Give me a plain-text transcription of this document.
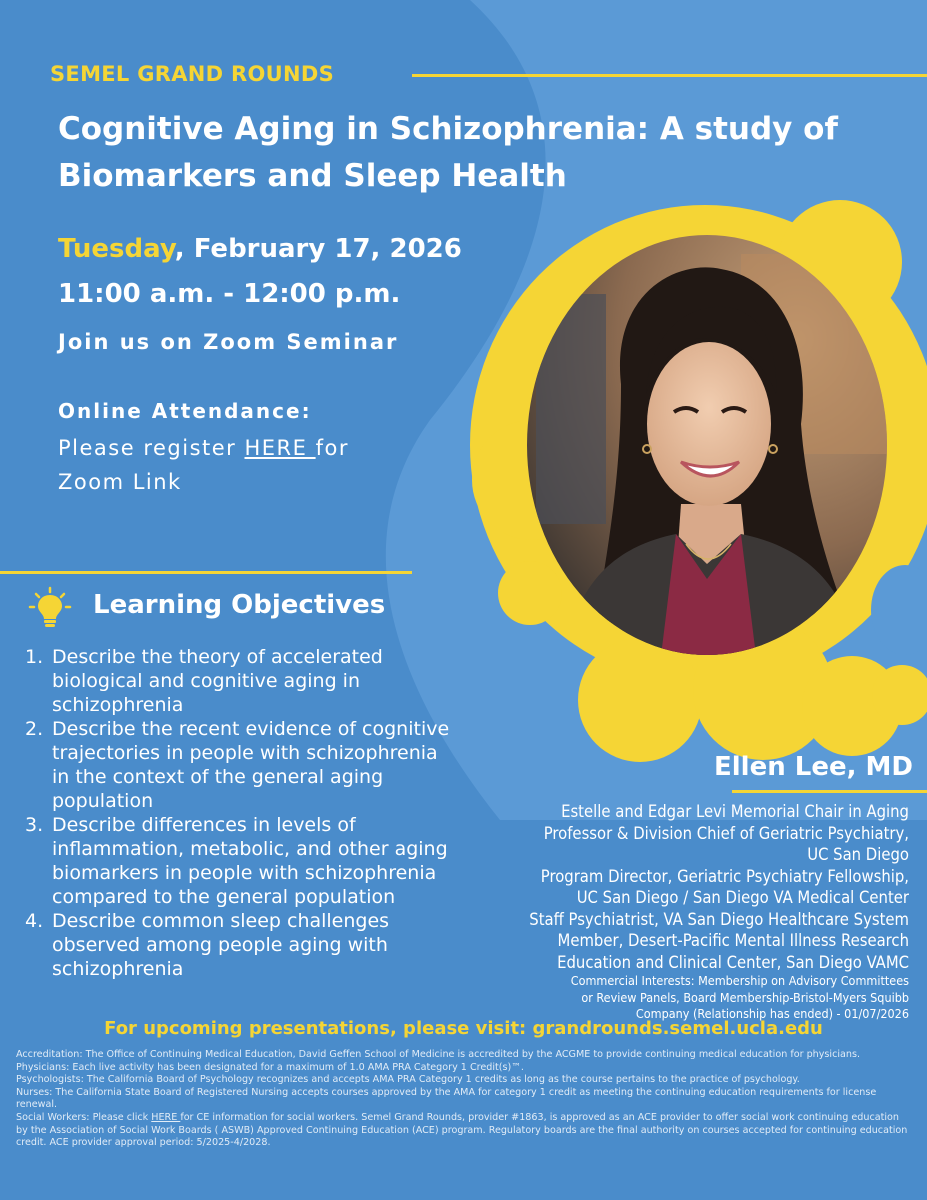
SEMEL GRAND ROUNDS
Cognitive Aging in Schizophrenia: A study of
Biomarkers and Sleep Health
Tuesday, February 17, 2026
11:00 a.m. - 12:00 p.m.
Join us on Zoom Seminar
Online Attendance:
Please register HERE for Zoom Link
Learning Objectives
1. Describe the theory of accelerated biological and cognitive aging in schizophrenia
2. Describe the recent evidence of cognitive trajectories in people with schizophrenia in the context of the general aging population
3. Describe differences in levels of inflammation, metabolic, and other aging biomarkers in people with schizophrenia compared to the general population
4. Describe common sleep challenges observed among people aging with schizophrenia
Ellen Lee, MD
Estelle and Edgar Levi Memorial Chair in Aging
Professor & Division Chief of Geriatric Psychiatry,
UC San Diego
Program Director, Geriatric Psychiatry Fellowship,
UC San Diego / San Diego VA Medical Center
Staff Psychiatrist, VA San Diego Healthcare System
Member, Desert-Pacific Mental Illness Research
Education and Clinical Center, San Diego VAMC
Commercial Interests: Membership on Advisory Committees
or Review Panels, Board Membership-Bristol-Myers Squibb
Company (Relationship has ended) - 01/07/2026
For upcoming presentations, please visit: grandrounds.semel.ucla.edu

Accreditation: The Office of Continuing Medical Education, David Geffen School of Medicine is accredited by the ACGME to provide continuing medical education for physicians.

Physicians: Each live activity has been designated for a maximum of 1.0 AMA PRA Category 1 Credit(s)™.

Psychologists: The California Board of Psychology recognizes and accepts AMA PRA Category 1 credits as long as the course pertains to the practice of psychology.

Nurses: The California State Board of Registered Nursing accepts courses approved by the AMA for category 1 credit as meeting the continuing education requirements for license renewal.

Social Workers: Please click HERE for CE information for social workers. Semel Grand Rounds, provider #1863, is approved as an ACE provider to offer social work continuing education by the Association of Social Work Boards ( ASWB) Approved Continuing Education (ACE) program. Regulatory boards are the final authority on courses accepted for continuing education credit. ACE provider approval period: 5/2025-4/2028.
